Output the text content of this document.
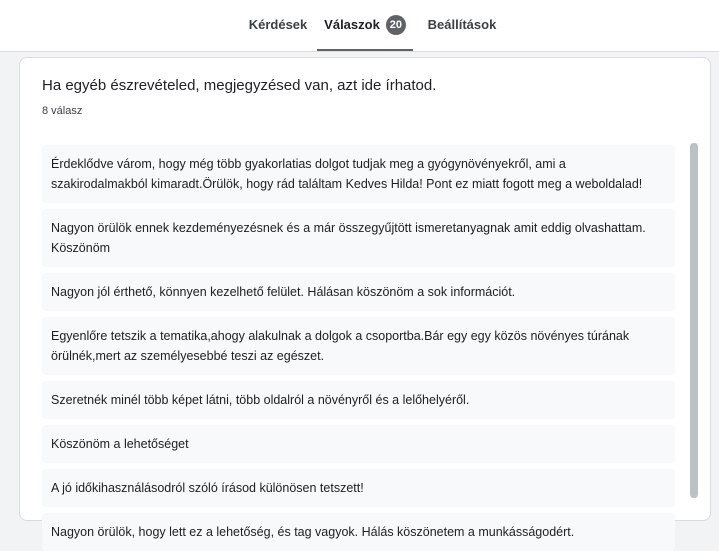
Kérdések Válaszok 20 Beállítások
Ha egyéb észrevételed, megjegyzésed van, azt ide írhatod.
8 válasz
Érdeklődve várom, hogy még több gyakorlatias dolgot tudjak meg a gyógynövényekről, ami a szakirodalmakból kimaradt.Örülök, hogy rád találtam Kedves Hilda! Pont ez miatt fogott meg a weboldalad!
Nagyon örülök ennek kezdeményezésnek és a már összegyűjtött ismeretanyagnak amit eddig olvashattam. Köszönöm
Nagyon jól érthető, könnyen kezelhető felület. Hálásan köszönöm a sok információt.
Egyenlőre tetszik a tematika,ahogy alakulnak a dolgok a csoportba.Bár egy egy közös növényes túrának örülnék,mert az személyesebbé teszi az egészet.
Szeretnék minél több képet látni, több oldalról a növényről és a lelőhelyéről.
Köszönöm a lehetőséget
A jó időkihasználásodról szóló írásod különösen tetszett!
Nagyon örülök, hogy lett ez a lehetőség, és tag vagyok. Hálás köszönetem a munkásságodért.
